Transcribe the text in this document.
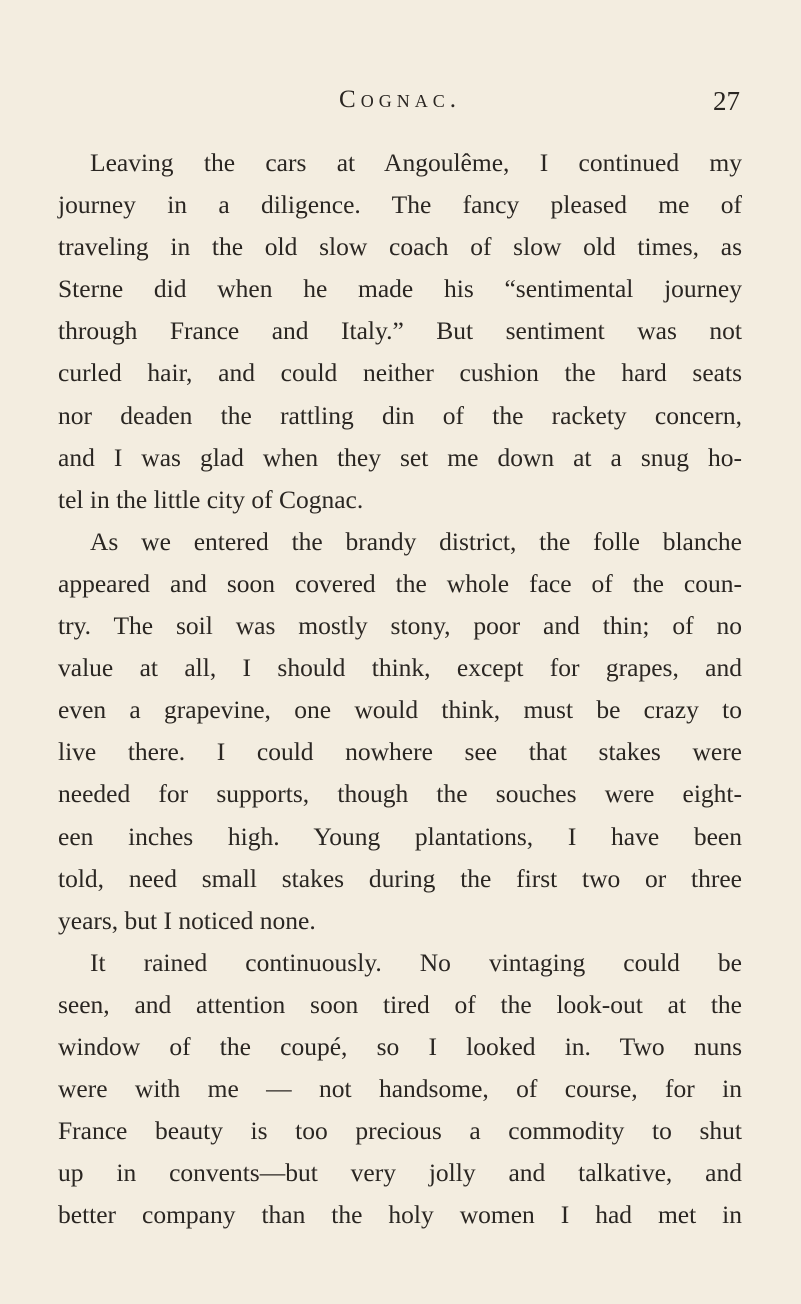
Cognac.	27
Leaving the cars at Angoulême, I continued my
journey in a diligence. The fancy pleased me of
traveling in the old slow coach of slow old times, as
Sterne did when he made his “sentimental journey
through France and Italy.” But sentiment was not
curled hair, and could neither cushion the hard seats
nor deaden the rattling din of the rackety concern,
and I was glad when they set me down at a snug ho-
tel in the little city of Cognac.
As we entered the brandy district, the folle blanche
appeared and soon covered the whole face of the coun-
try. The soil was mostly stony, poor and thin; of no
value at all, I should think, except for grapes, and
even a grapevine, one would think, must be crazy to
live there. I could nowhere see that stakes were
needed for supports, though the souches were eight-
een inches high. Young plantations, I have been
told, need small stakes during the first two or three
years, but I noticed none.
It rained continuously. No vintaging could be
seen, and attention soon tired of the look-out at the
window of the coupé, so I looked in. Two nuns
were with me — not handsome, of course, for in
France beauty is too precious a commodity to shut
up in convents—but very jolly and talkative, and
better company than the holy women I had met in
